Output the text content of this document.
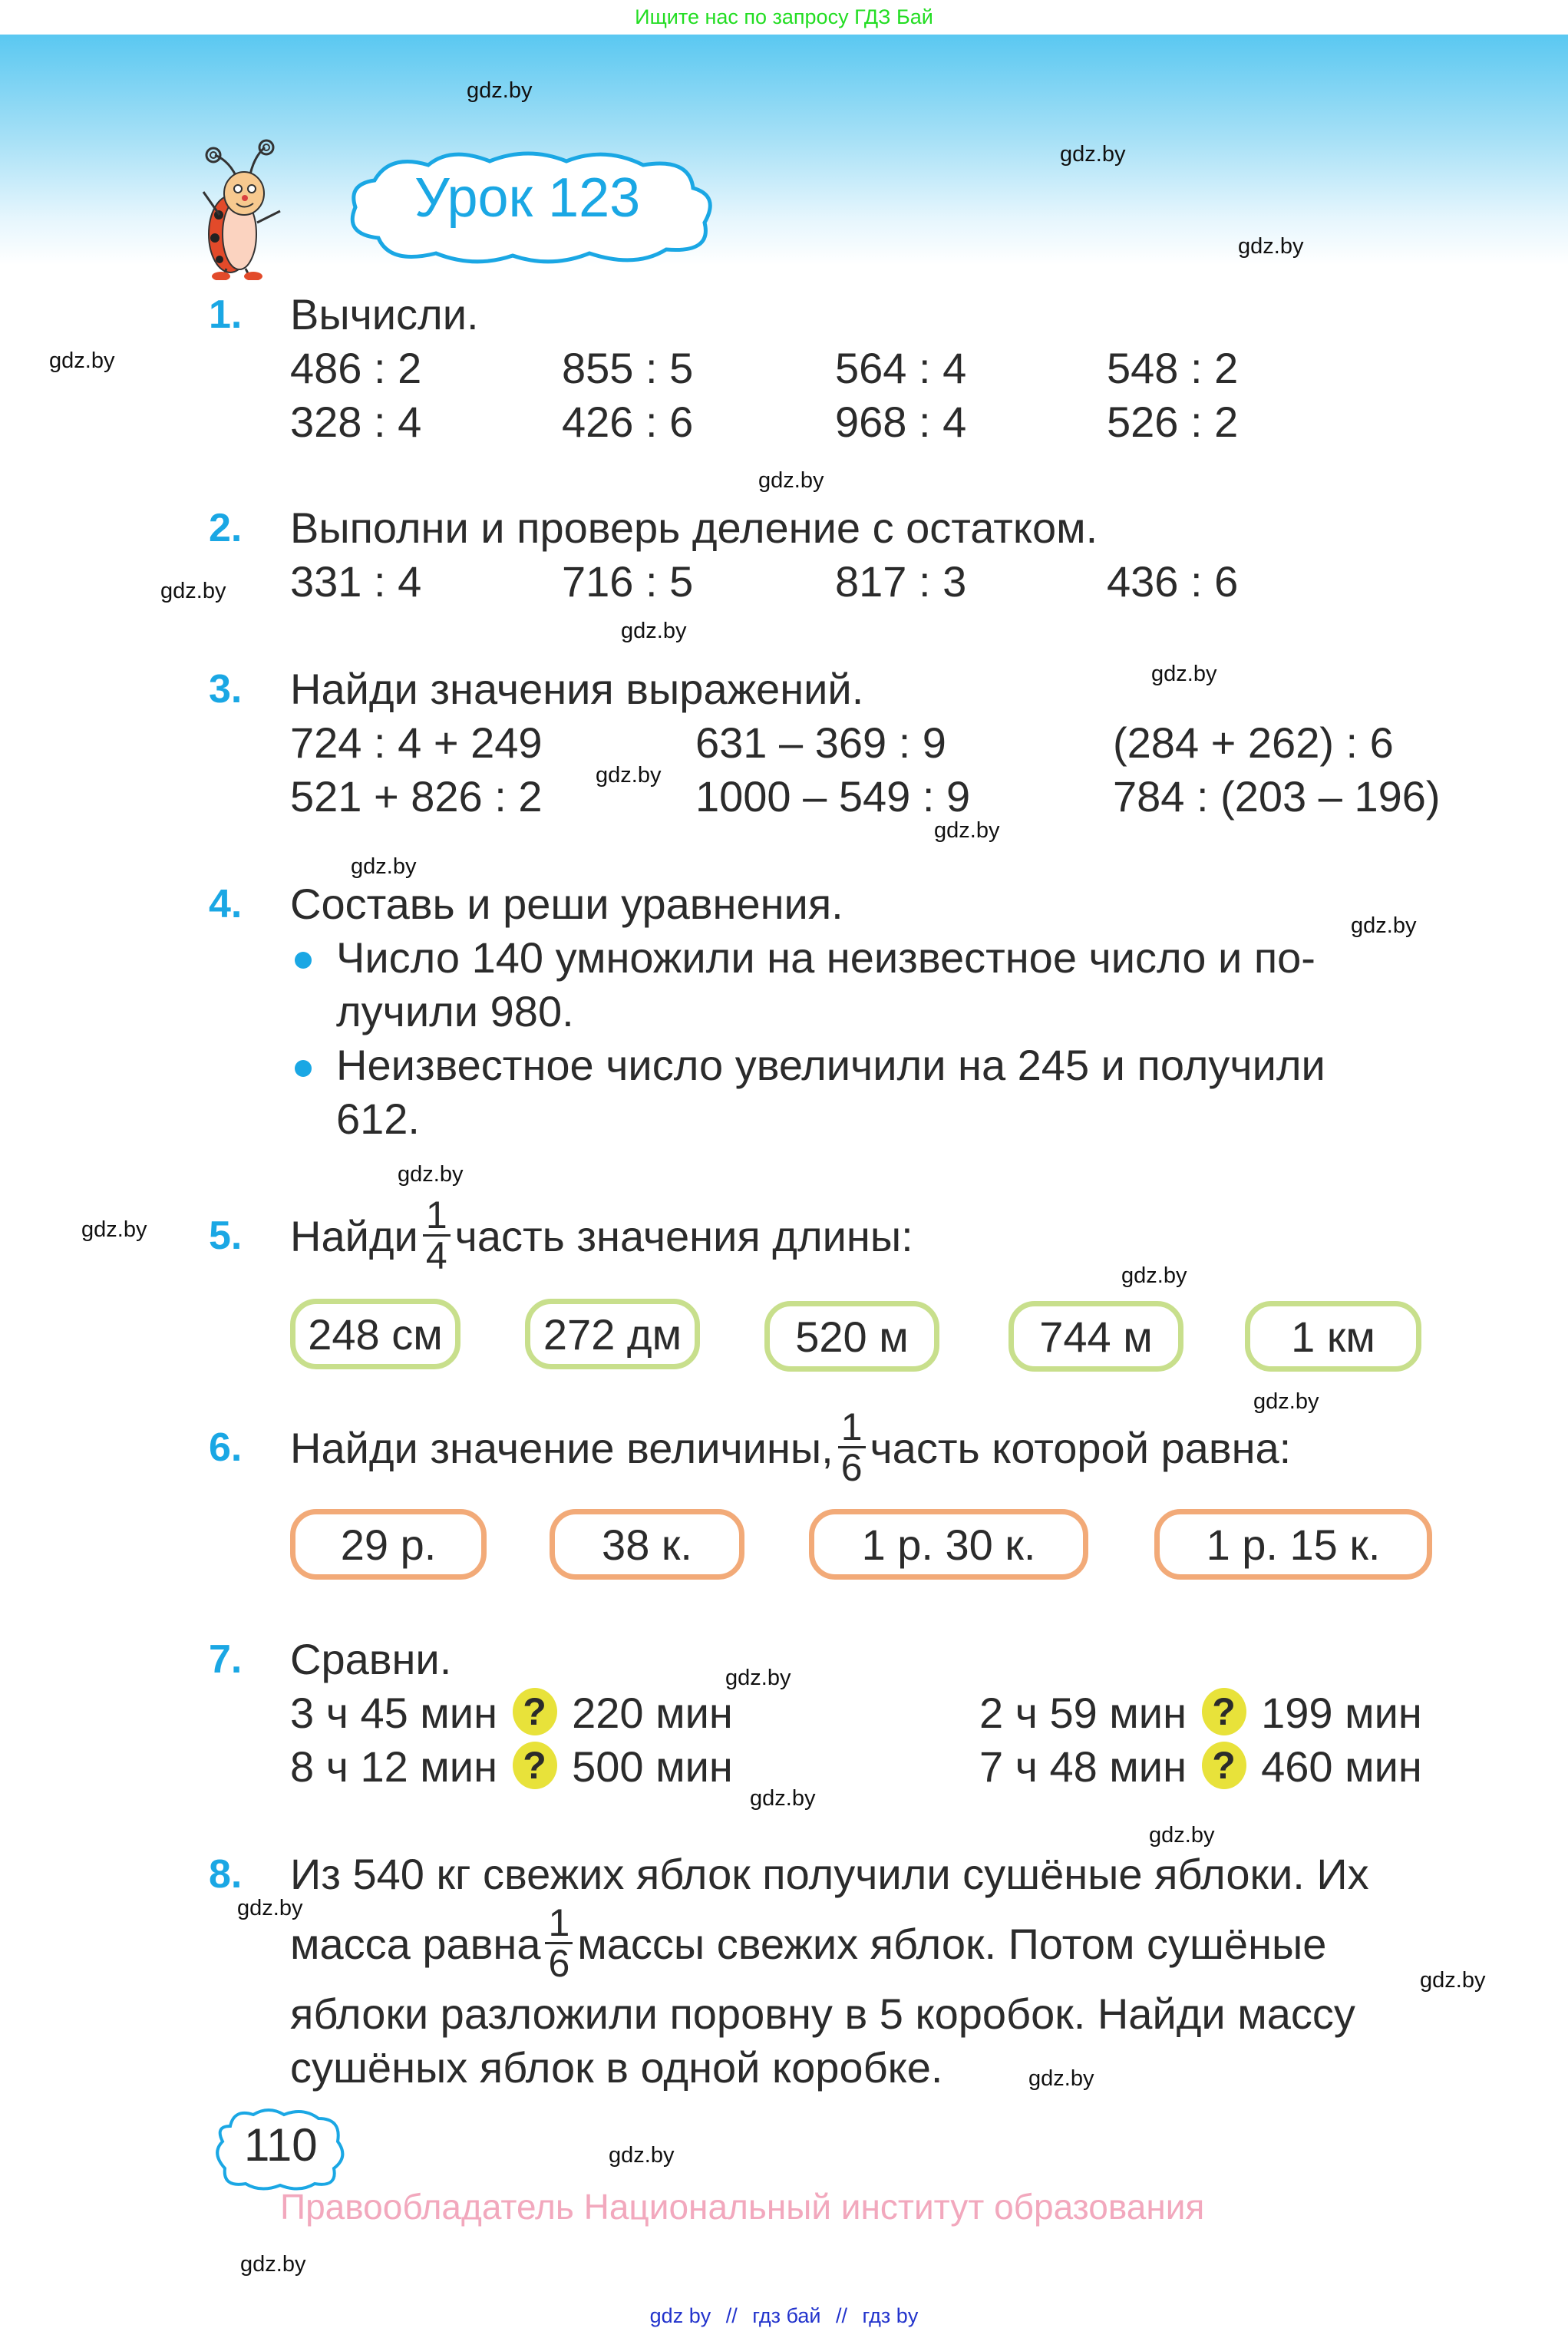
Ищите нас по запросу ГДЗ Бай
Урок 123
gdz.by
gdz.by
gdz.by
gdz.by
gdz.by
gdz.by
gdz.by
gdz.by
gdz.by
gdz.by
gdz.by
gdz.by
gdz.by
gdz.by
gdz.by
gdz.by
gdz.by
gdz.by
gdz.by
gdz.by
gdz.by
gdz.by
gdz.by
gdz.by
1. Вычисли.
486 : 2	855 : 5	564 : 4	548 : 2
328 : 4	426 : 6	968 : 4	526 : 2
2. Выполни и проверь деление с остатком.
331 : 4	716 : 5	817 : 3	436 : 6
3. Найди значения выражений.
724 : 4 + 249	631 – 369 : 9	(284 + 262) : 6
521 + 826 : 2	1000 – 549 : 9	784 : (203 – 196)
4. Составь и реши уравнения.
Число 140 умножили на неизвестное число и по-
лучили 980.
Неизвестное число увеличили на 245 и получили
612.
5. Найди $\frac{1}{4}$ часть значения длины:
248 см	272 дм	520 м	744 м	1 км
6. Найди значение величины, $\frac{1}{6}$ часть которой равна:
29 р.	38 к.	1 р. 30 к.	1 р. 15 к.
7. Сравни.
3 ч 45 мин ? 220 мин	2 ч 59 мин ? 199 мин
8 ч 12 мин ? 500 мин	7 ч 48 мин ? 460 мин
8. Из 540 кг свежих яблок получили сушёные яблоки. Их
масса равна $\frac{1}{6}$ массы свежих яблок. Потом сушёные
яблоки разложили поровну в 5 коробок. Найди массу
сушёных яблок в одной коробке.
110
Правообладатель Национальный институт образования
gdz by // гдз бай // гдз by
